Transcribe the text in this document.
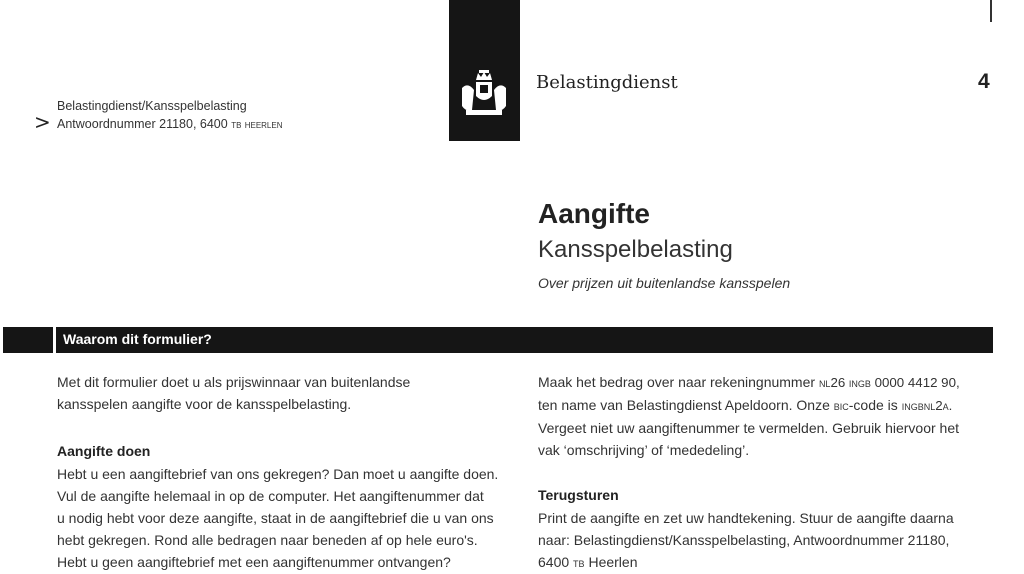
Belastingdienst	4
>
Belastingdienst/Kansspelbelasting
Antwoordnummer 21180, 6400 tb heerlen
Aangifte
Kansspelbelasting
Over prijzen uit buitenlandse kansspelen
Waarom dit formulier?
Met dit formulier doet u als prijswinnaar van buitenlandse
kansspelen aangifte voor de kansspelbelasting.
Aangifte doen
Hebt u een aangiftebrief van ons gekregen? Dan moet u aangifte doen.
Vul de aangifte helemaal in op de computer. Het aangiftenummer dat
u nodig hebt voor deze aangifte, staat in de aangiftebrief die u van ons
hebt gekregen. Rond alle bedragen naar beneden af op hele euro's.
Hebt u geen aangiftebrief met een aangiftenummer ontvangen?
Maak het bedrag over naar rekeningnummer nl26 ingb 0000 4412 90,
ten name van Belastingdienst Apeldoorn. Onze bic-code is ingbnl2a.
Vergeet niet uw aangiftenummer te vermelden. Gebruik hiervoor het
vak ‘omschrijving’ of ‘mededeling’.
Terugsturen
Print de aangifte en zet uw handtekening. Stuur de aangifte daarna
naar: Belastingdienst/Kansspelbelasting, Antwoordnummer 21180,
6400 tb Heerlen
